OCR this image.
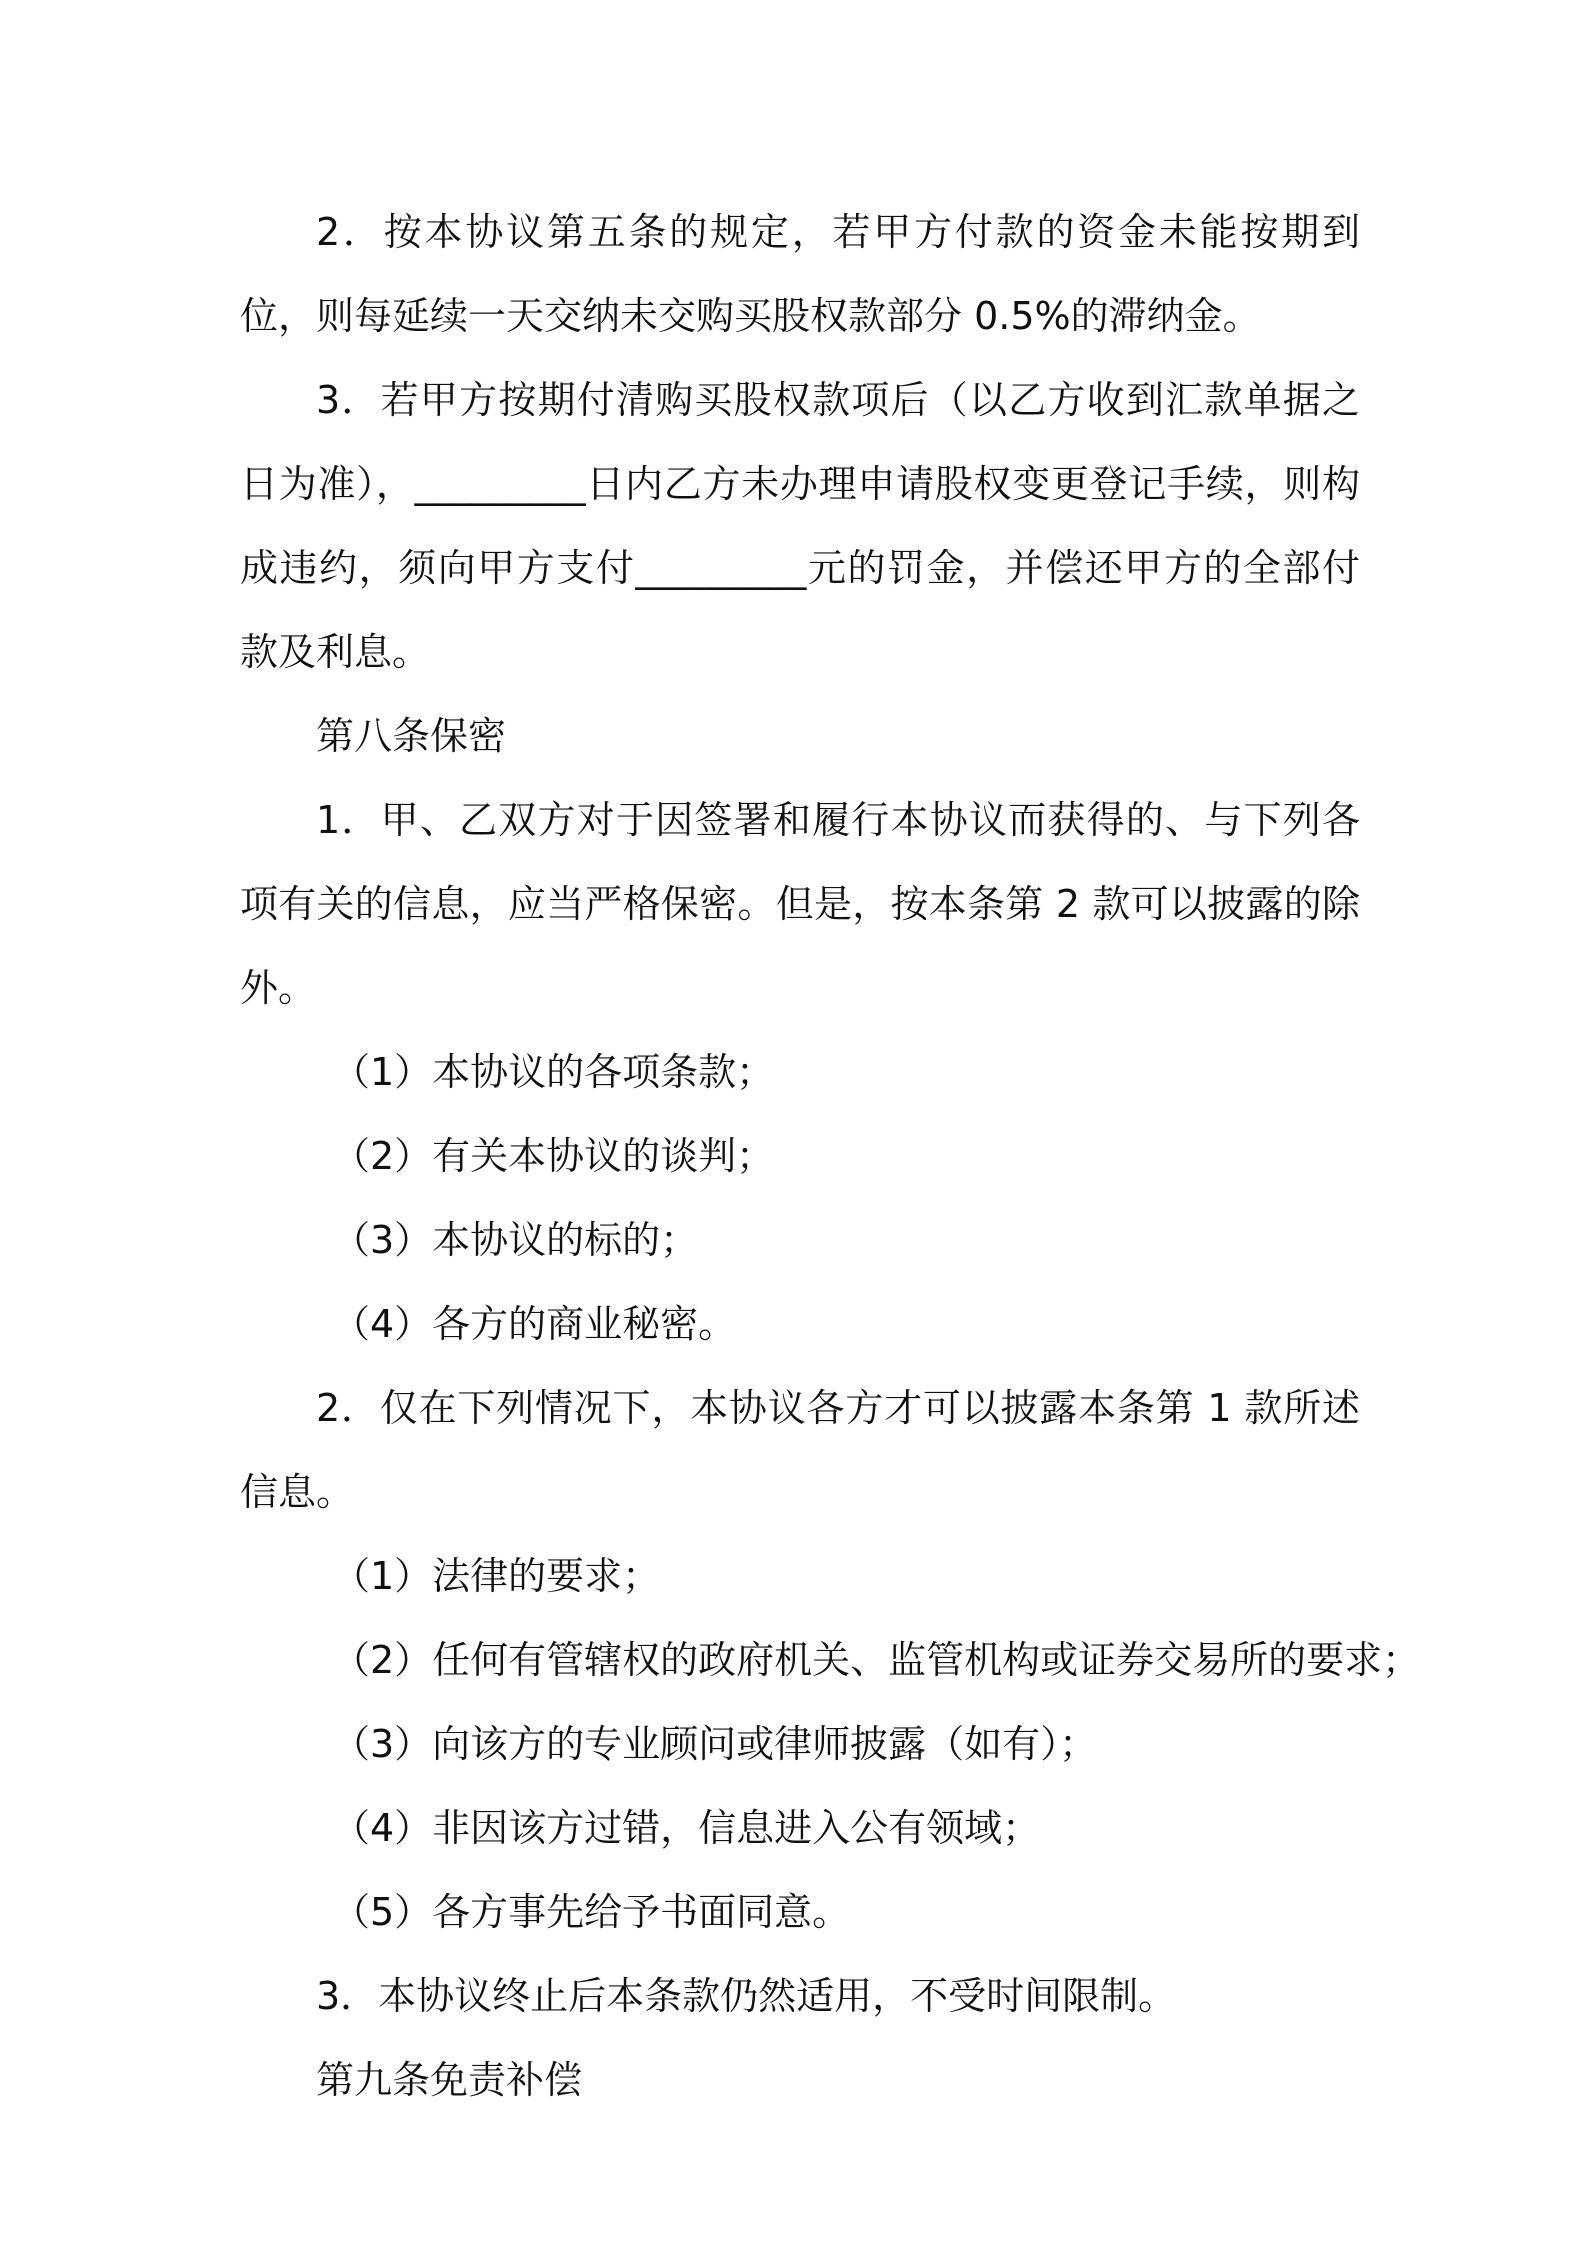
2．按本协议第五条的规定，若甲方付款的资金未能按期到位，则每延续一天交纳未交购买股权款部分 0.5%的滞纳金。

3．若甲方按期付清购买股权款项后（以乙方收到汇款单据之日为准），_________日内乙方未办理申请股权变更登记手续，则构成违约，须向甲方支付_________元的罚金，并偿还甲方的全部付款及利息。

第八条保密

1．甲、乙双方对于因签署和履行本协议而获得的、与下列各项有关的信息，应当严格保密。但是，按本条第 2 款可以披露的除外。

（1）本协议的各项条款；

（2）有关本协议的谈判；

（3）本协议的标的；

（4）各方的商业秘密。

2．仅在下列情况下，本协议各方才可以披露本条第 1 款所述信息。

（1）法律的要求；

（2）任何有管辖权的政府机关、监管机构或证券交易所的要求；

（3）向该方的专业顾问或律师披露（如有）；

（4）非因该方过错，信息进入公有领域；

（5）各方事先给予书面同意。

3．本协议终止后本条款仍然适用，不受时间限制。

第九条免责补偿
